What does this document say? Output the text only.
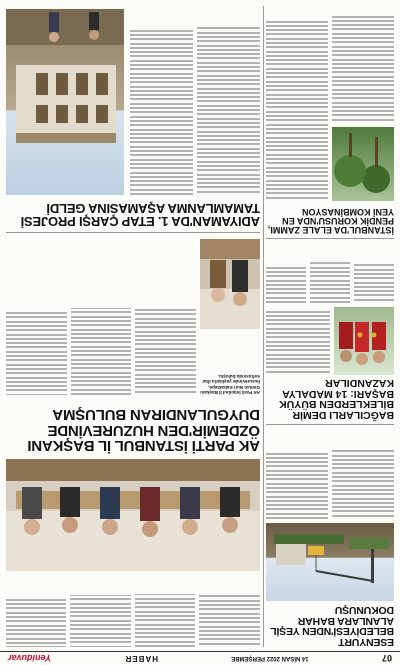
07
14 NİSAN 2022 PERŞEMBE
HABER
Yeniduvar
ESENYURT BELEDİYESİ'NDEN YEŞİL ALANLARA BAHAR DOKUNUŞU
BAĞCILARLI DEMİR BİLEKLERDEN BÜYÜK BAŞARI: 14 MADALYA KAZANDILAR
İSTANBUL'DA ELALE ZAMMI, PENDİK KORUSU'NDA EN YENİ KOMBİNASYON
AK PARTİ İSTANBUL İL BAŞKANI ÖZDEMİR'DEN HUZUREVİNDE DUYGULANDIRAN BULUŞMA
AK Parti İstanbul İl Başkanı Osman Nuri Kabaktepe, huzurevinde yaşlılarla iftar sofrasında buluştu.
ADIYAMAN'DA 1. ETAP ÇARŞI PROJESİ TAMAMLANMA AŞAMASINA GELDİ
